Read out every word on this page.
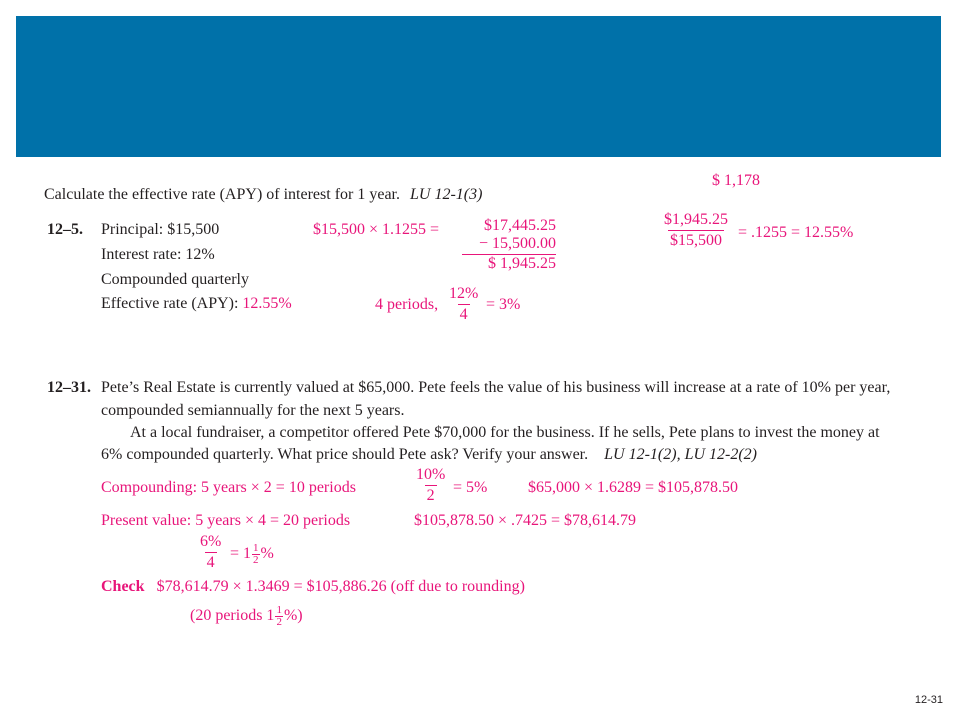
$ 1,178
Calculate the effective rate (APY) of interest for 1 year. LU 12-1(3)
12–5. Principal: $15,500
Interest rate: 12%
Compounded quarterly
Effective rate (APY): 12.55%
$15,500 × 1.1255 =	$17,445.25
− 15,500.00
$ 1,945.25
$\frac{\$1,945.25}{\$15,500} = .1255 = 12.55\%$
4 periods, $\frac{12\%}{4} = 3\%$
12–31. Pete’s Real Estate is currently valued at $65,000. Pete feels the value of his business will increase at a rate of 10% per year,
compounded semiannually for the next 5 years.
At a local fundraiser, a competitor offered Pete $70,000 for the business. If he sells, Pete plans to invest the money at
6% compounded quarterly. What price should Pete ask? Verify your answer. LU 12-1(2), LU 12-2(2)
Compounding: 5 years × 2 = 10 periods	$\frac{10\%}{2} = 5\%$	$65,000 × 1.6289 = $105,878.50
Present value: 5 years × 4 = 20 periods	$105,878.50 × .7425 = $78,614.79
$\frac{6\%}{4} = 1 \frac{1}{2}$ %
Check $78,614.79 × 1.3469 = $105,886.26 (off due to rounding)
(20 periods $1 \frac{1}{2}$ %)
12-31
